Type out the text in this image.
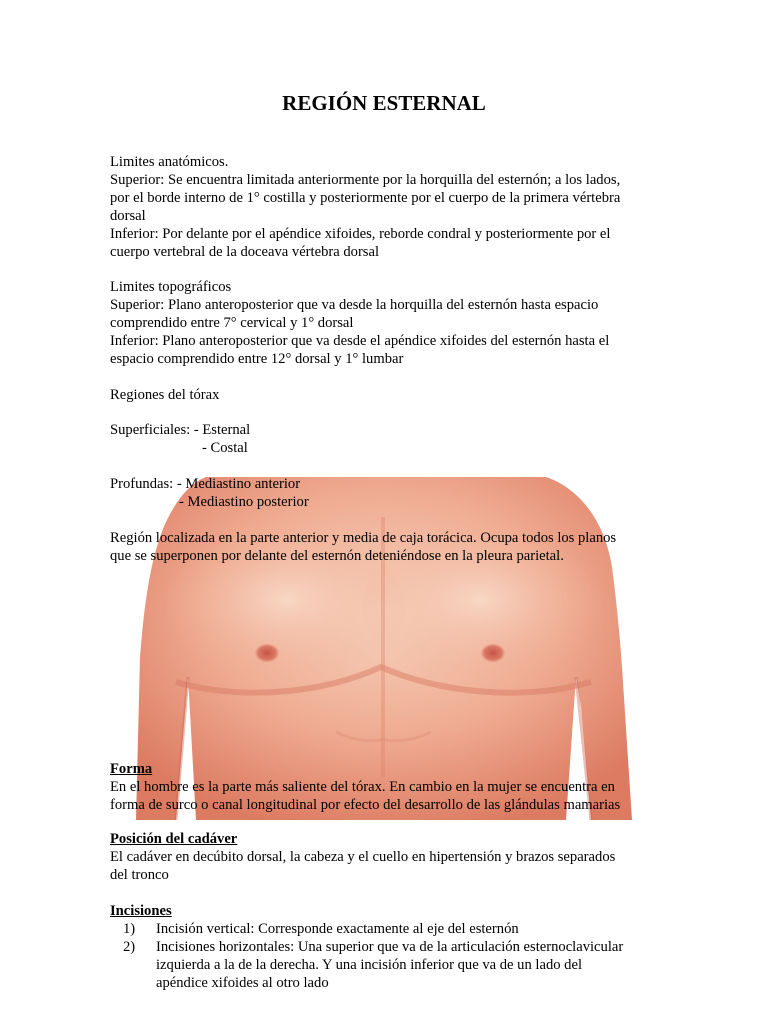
REGIÓN ESTERNAL
Limites anatómicos.
Superior: Se encuentra limitada anteriormente por la horquilla del esternón; a los lados,
por el borde interno de 1° costilla y posteriormente por el cuerpo de la primera vértebra
dorsal
Inferior: Por delante por el apéndice xifoides, reborde condral y posteriormente por el
cuerpo vertebral de la doceava vértebra dorsal
Limites topográficos
Superior: Plano anteroposterior que va desde la horquilla del esternón hasta espacio
comprendido entre 7° cervical y 1° dorsal
Inferior: Plano anteroposterior que va desde el apéndice xifoides del esternón hasta el
espacio comprendido entre 12° dorsal y 1° lumbar
Regiones del tórax
Superficiales: - Esternal
- Costal
Profundas: - Mediastino anterior
- Mediastino posterior
Región localizada en la parte anterior y media de caja torácica. Ocupa todos los planos
que se superponen por delante del esternón deteniéndose en la pleura parietal.
Forma
En el hombre es la parte más saliente del tórax. En cambio en la mujer se encuentra en
forma de surco o canal longitudinal por efecto del desarrollo de las glándulas mamarias
Posición del cadáver
El cadáver en decúbito dorsal, la cabeza y el cuello en hipertensión y brazos separados
del tronco
Incisiones
1) Incisión vertical: Corresponde exactamente al eje del esternón
2) Incisiones horizontales: Una superior que va de la articulación esternoclavicular
izquierda a la de la derecha. Y una incisión inferior que va de un lado del
apéndice xifoides al otro lado
